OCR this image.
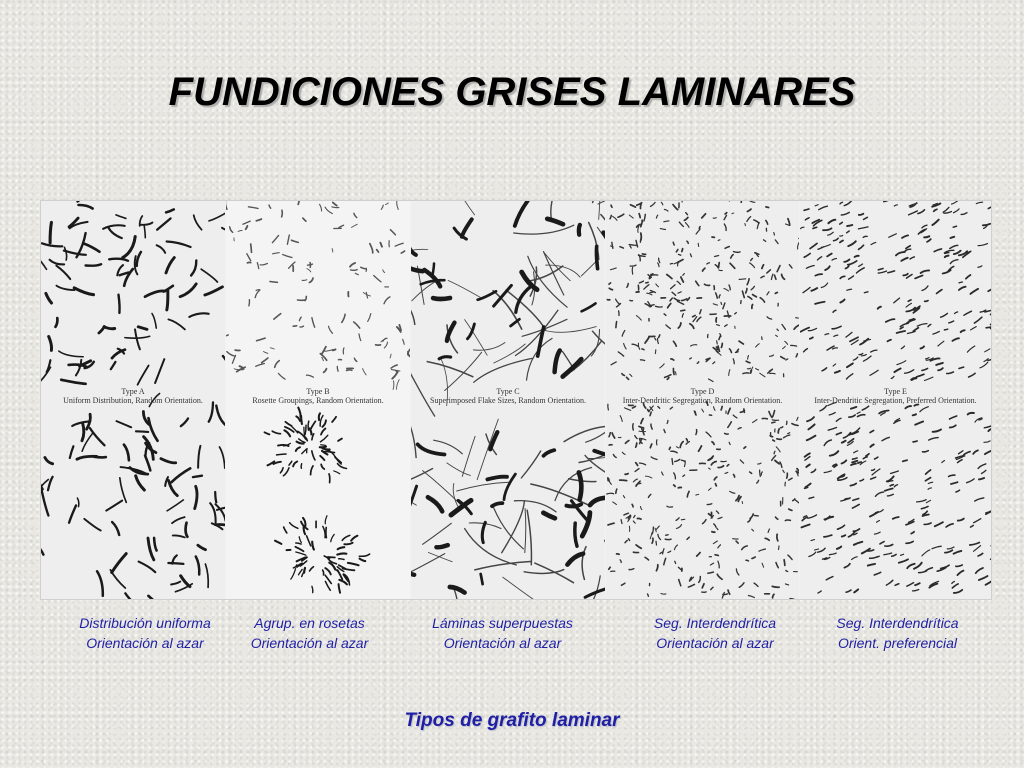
FUNDICIONES GRISES LAMINARES
Type A
Uniform Distribution, Random Orientation.
Type B
Rosette Groupings, Random Orientation.
Type C
Superimposed Flake Sizes, Random Orientation.
Type D
Inter-Dendritic Segregation, Random Orientation.
Type E
Inter-Dendritic Segregation, Preferred Orientation.
Distribución uniforma
Orientación al azar
Agrup. en rosetas
Orientación al azar
Láminas superpuestas
Orientación al azar
Seg. Interdendrítica
Orientación al azar
Seg. Interdendrítica
Orient. preferencial
Tipos de grafito laminar
